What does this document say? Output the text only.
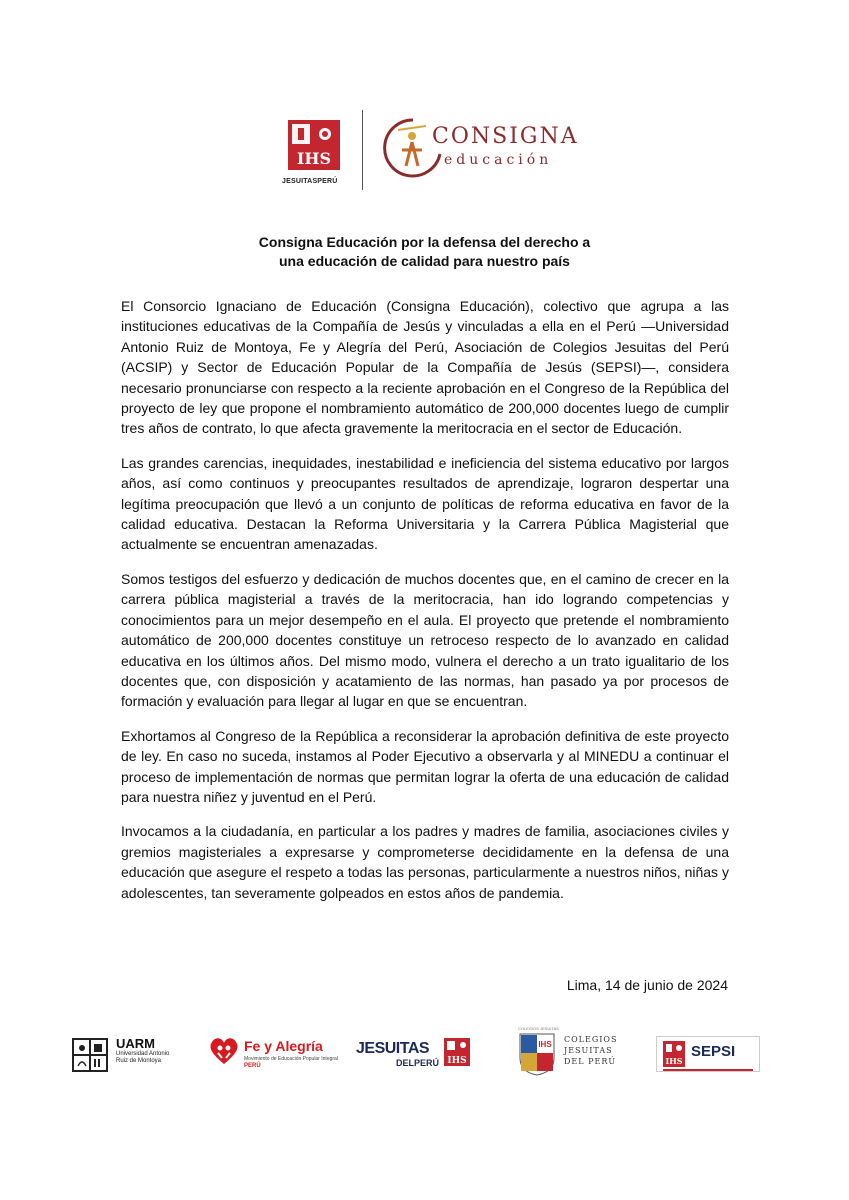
IHS
JESUITASPERÚ
CONSIGNA
educación
Consigna Educación por la defensa del derecho a
una educación de calidad para nuestro país

El Consorcio Ignaciano de Educación (Consigna Educación), colectivo que agrupa a las instituciones educativas de la Compañía de Jesús y vinculadas a ella en el Perú —Universidad Antonio Ruiz de Montoya, Fe y Alegría del Perú, Asociación de Colegios Jesuitas del Perú (ACSIP) y Sector de Educación Popular de la Compañía de Jesús (SEPSI)—, considera necesario pronunciarse con respecto a la reciente aprobación en el Congreso de la República del proyecto de ley que propone el nombramiento automático de 200,000 docentes luego de cumplir tres años de contrato, lo que afecta gravemente la meritocracia en el sector de Educación.

Las grandes carencias, inequidades, inestabilidad e ineficiencia del sistema educativo por largos años, así como continuos y preocupantes resultados de aprendizaje, lograron despertar una legítima preocupación que llevó a un conjunto de políticas de reforma educativa en favor de la calidad educativa. Destacan la Reforma Universitaria y la Carrera Pública Magisterial que actualmente se encuentran amenazadas.

Somos testigos del esfuerzo y dedicación de muchos docentes que, en el camino de crecer en la carrera pública magisterial a través de la meritocracia, han ido logrando competencias y conocimientos para un mejor desempeño en el aula. El proyecto que pretende el nombramiento automático de 200,000 docentes constituye un retroceso respecto de lo avanzado en calidad educativa en los últimos años. Del mismo modo, vulnera el derecho a un trato igualitario de los docentes que, con disposición y acatamiento de las normas, han pasado ya por procesos de formación y evaluación para llegar al lugar en que se encuentran.

Exhortamos al Congreso de la República a reconsiderar la aprobación definitiva de este proyecto de ley. En caso no suceda, instamos al Poder Ejecutivo a observarla y al MINEDU a continuar el proceso de implementación de normas que permitan lograr la oferta de una educación de calidad para nuestra niñez y juventud en el Perú.

Invocamos a la ciudadanía, en particular a los padres y madres de familia, asociaciones civiles y gremios magisteriales a expresarse y comprometerse decididamente en la defensa de una educación que asegure el respeto a todas las personas, particularmente a nuestros niños, niñas y adolescentes, tan severamente golpeados en estos años de pandemia.

Lima, 14 de junio de 2024
UARM
Universidad Antonio Ruiz de Montoya
Fe y Alegría
Movimiento de Educación Popular Integral
PERÚ
JESUITAS
DELPERÚ IHS
COLEGIOS JESUITAS
IHS
COLEGIOS
JESUITAS
DEL PERÚ	IHS
SEPSI
